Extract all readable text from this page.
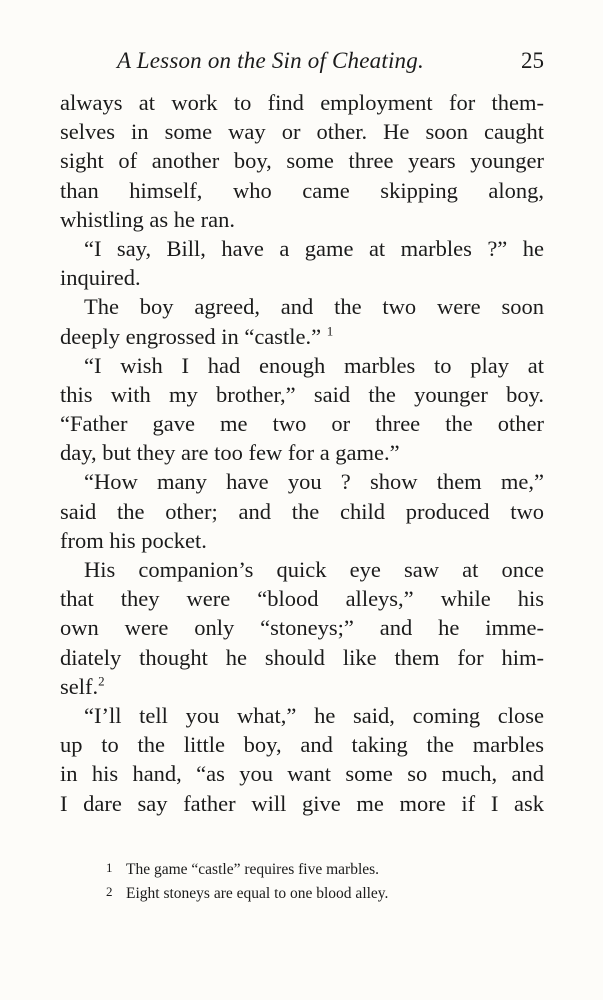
A Lesson on the Sin of Cheating.	25
always at work to find employment for them-
selves in some way or other. He soon caught
sight of another boy, some three years younger
than himself, who came skipping along,
whistling as he ran.
“I say, Bill, have a game at marbles ?” he
inquired.
The boy agreed, and the two were soon
deeply engrossed in “castle.” $^1$
“I wish I had enough marbles to play at
this with my brother,” said the younger boy.
“Father gave me two or three the other
day, but they are too few for a game.”
“How many have you ? show them me,”
said the other; and the child produced two
from his pocket.
His companion’s quick eye saw at once
that they were “blood alleys,” while his
own were only “stoneys;” and he imme-
diately thought he should like them for him-
self.$^2$
“I’ll tell you what,” he said, coming close
up to the little boy, and taking the marbles
in his hand, “as you want some so much, and
I dare say father will give me more if I ask
1 The game “castle” requires five marbles.
2 Eight stoneys are equal to one blood alley.
